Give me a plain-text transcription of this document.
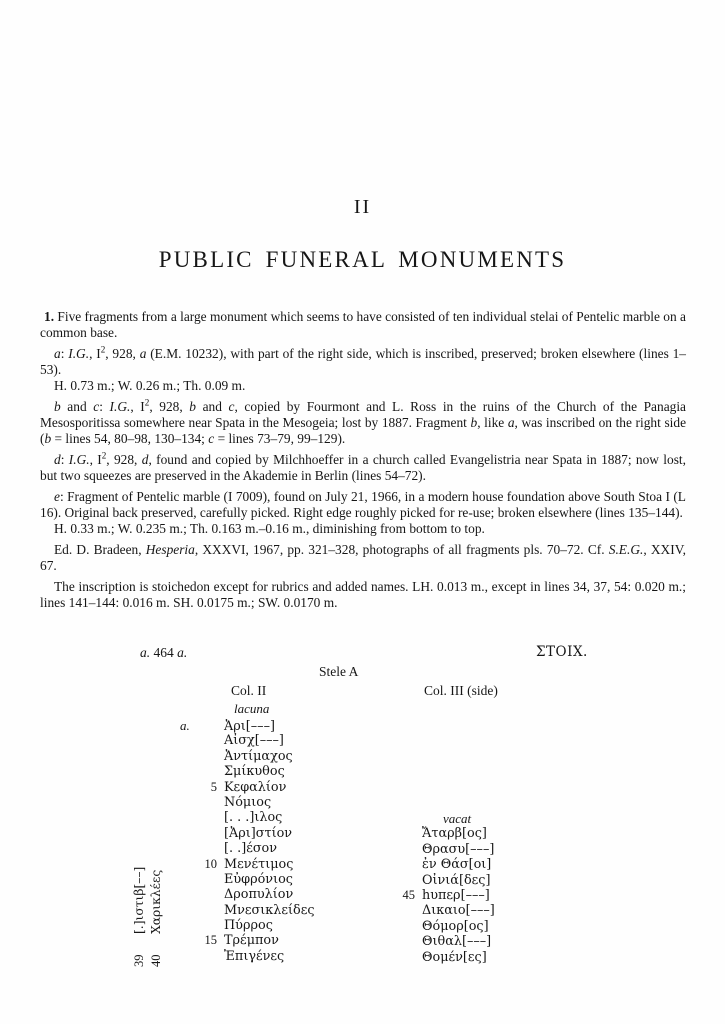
II
PUBLIC FUNERAL MONUMENTS

1. Five fragments from a large monument which seems to have consisted of ten individual stelai of Pentelic marble on a common base.

a: I.G., $I^2$, 928, a (E.M. 10232), with part of the right side, which is inscribed, preserved; broken elsewhere (lines 1–53).

H. 0.73 m.; W. 0.26 m.; Th. 0.09 m.

b and c: I.G., $I^2$, 928, b and c, copied by Fourmont and L. Ross in the ruins of the Church of the Panagia Mesosporitissa somewhere near Spata in the Mesogeia; lost by 1887. Fragment b, like a, was inscribed on the right side (b = lines 54, 80–98, 130–134; c = lines 73–79, 99–129).

d: I.G., $I^2$, 928, d, found and copied by Milchhoeffer in a church called Evangelistria near Spata in 1887; now lost, but two squeezes are preserved in the Akademie in Berlin (lines 54–72).

e: Fragment of Pentelic marble (I 7009), found on July 21, 1966, in a modern house foundation above South Stoa I (L 16). Original back preserved, carefully picked. Right edge roughly picked for re-use; broken elsewhere (lines 135–144).

H. 0.33 m.; W. 0.235 m.; Th. 0.163 m.–0.16 m., diminishing from bottom to top.

Ed. D. Bradeen, Hesperia, XXXVI, 1967, pp. 321–328, photographs of all fragments pls. 70–72. Cf. S.E.G., XXIV, 67.

The inscription is stoichedon except for rubrics and added names. LH. 0.013 m., except in lines 34, 37, 54: 0.020 m.; lines 141–144: 0.016 m. SH. 0.0175 m.; SW. 0.0170 m.

a. 464 a.	ΣΤΟΙΧ.
Stele A
Col. II	Col. III (side)
lacuna
a.	Ἀρι[–––]
Αἰσχ[–––]
Ἀντίμαχος
Σμίκυθος
5 Κεφαλίον
Νόμιος
[. . .]ιλος
[Ἀρι]στίον
[. .]έσον
10 Μενέτιμος
Εὐφρόνιος
Δροπυλίον
Μνεσικλείδες
Πύρρος
15 Τρέμπον
Ἐπιγένες
vacat
Ἄταρβ[ος]
Θρασυ[–––]
ἐν Θάσ[οι]
Οἰνιά[δες]
45 hυπερ[–––]
Δικαιο[–––]
Θόμορ[ος]
Θιθαλ[–––]
Θομέν[ες]
[.]ιστιβ[––] Χαρικλέες
39 40
